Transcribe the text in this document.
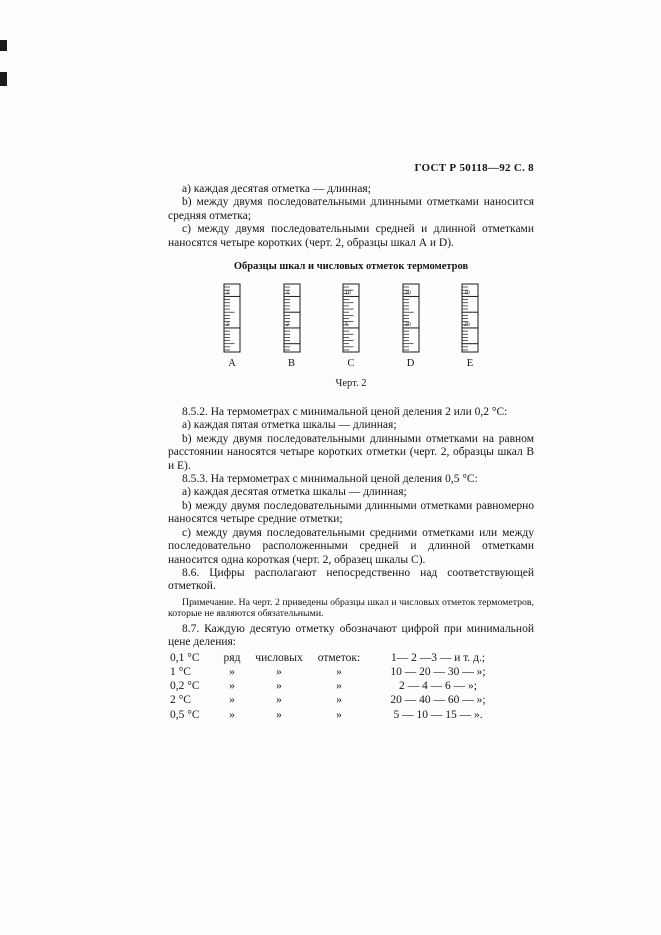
ГОСТ Р 50118—92 С. 8

а) каждая десятая отметка — длинная;

b) между двумя последовательными длинными отметками наносится средняя отметка;

с) между двумя последовательными средней и длинной отметками наносятся четыре коротких (черт. 2, образцы шкал А и D).

Образцы шкал и числовых отметок термометров
3
2
А
4
2
В
10
5
С
30
20
D
40
20
Е
Черт. 2

8.5.2. На термометрах с минимальной ценой деления 2 или 0,2 °С:

а) каждая пятая отметка шкалы — длинная;

b) между двумя последовательными длинными отметками на равном расстоянии наносятся четыре коротких отметки (черт. 2, образцы шкал В и Е).

8.5.3. На термометрах с минимальной ценой деления 0,5 °С:

а) каждая десятая отметка шкалы — длинная;

b) между двумя последовательными длинными отметками равномерно наносятся четыре средние отметки;

с) между двумя последовательными средними отметками или между последовательно расположенными средней и длинной отметками наносится одна короткая (черт. 2, образец шкалы С).

8.6. Цифры располагают непосредственно над соответствующей отметкой.

Примечание. На черт. 2 приведены образцы шкал и числовых отметок термометров, которые не являются обязательными.

8.7. Каждую десятую отметку обозначают цифрой при минимальной цене деления:

0,1 °С	ряд	числовых	отметок:	1— 2 —3 — и т. д.;
1 °С	»	»	»	10 — 20 — 30 — »;
0,2 °С	»	»	»	2 — 4 — 6 — »;
2 °С	»	»	»	20 — 40 — 60 — »;
0,5 °С	»	»	»	5 — 10 — 15 — ».
